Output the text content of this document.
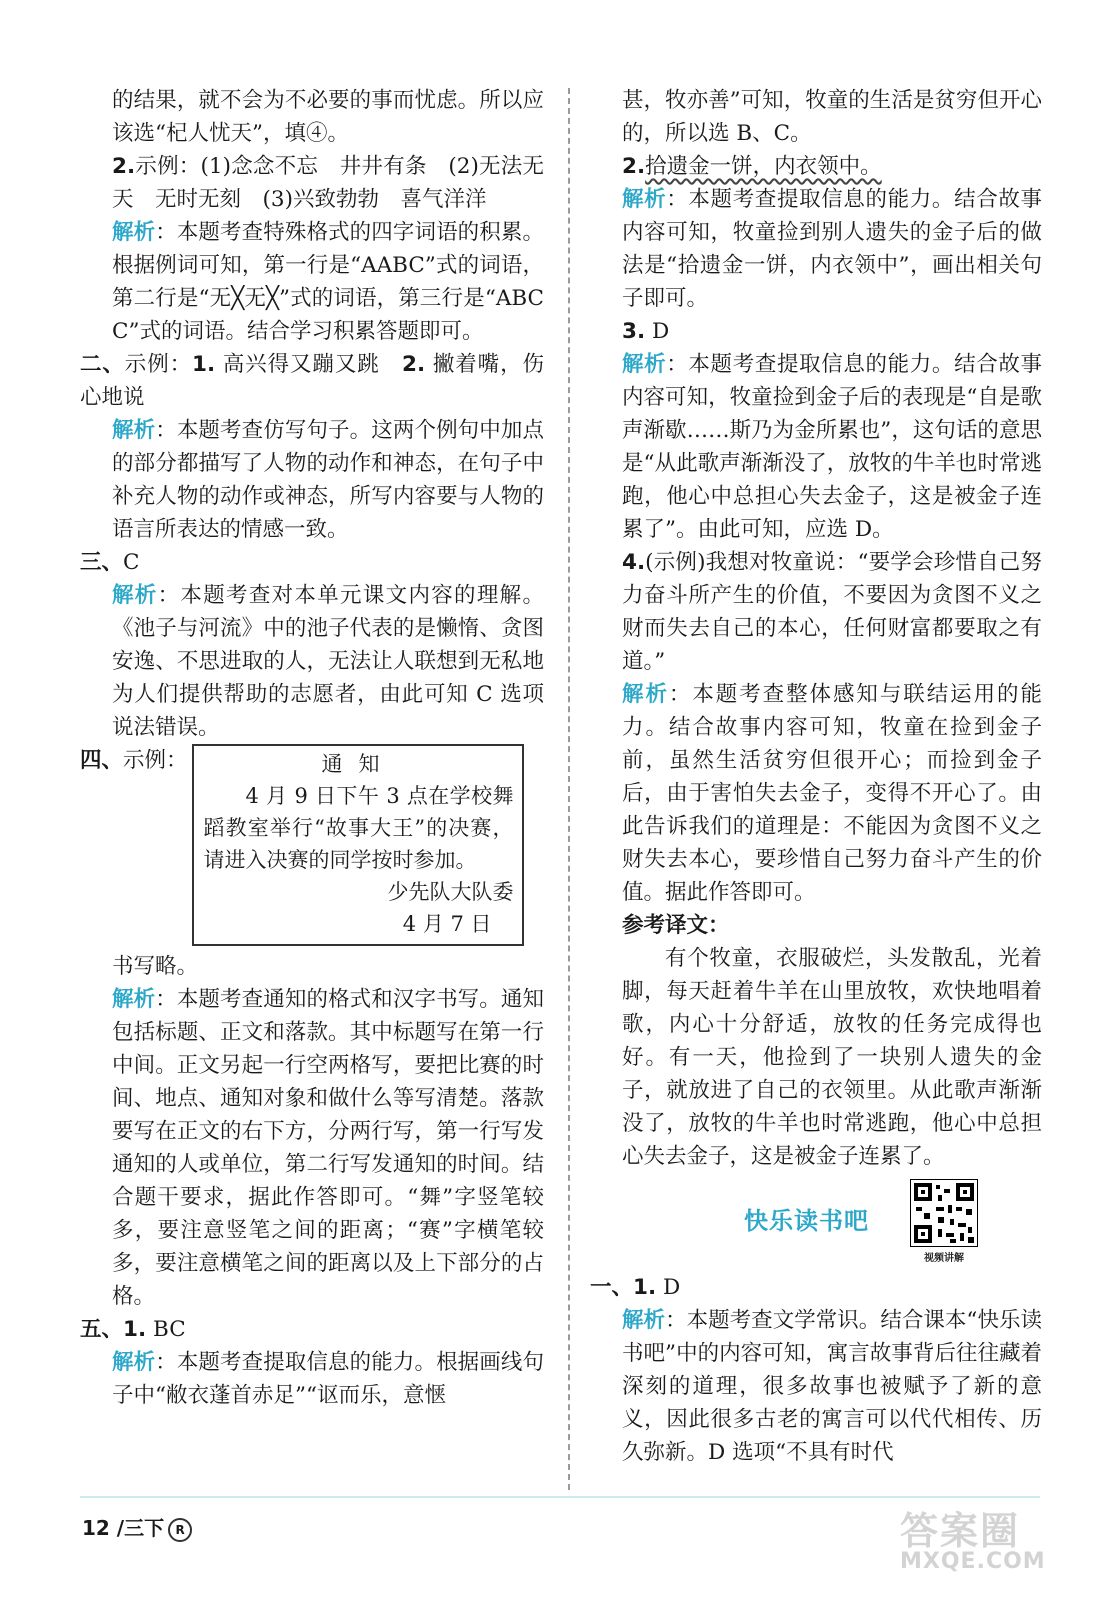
的结果，就不会为不必要的事而忧虑。所以应该选“杞人忧天”，填④。

2.示例：(1)念念不忘　井井有条　(2)无法无天　无时无刻　(3)兴致勃勃　喜气洋洋

解析：本题考查特殊格式的四字词语的积累。根据例词可知，第一行是“AABC”式的词语，第二行是“无╳无╳”式的词语，第三行是“ABCC”式的词语。结合学习积累答题即可。

二、示例：1. 高兴得又蹦又跳　2. 撇着嘴，伤心地说

解析：本题考查仿写句子。这两个例句中加点的部分都描写了人物的动作和神态，在句子中补充人物的动作或神态，所写内容要与人物的语言所表达的情感一致。

三、C

解析：本题考查对本单元课文内容的理解。《池子与河流》中的池子代表的是懒惰、贪图安逸、不思进取的人，无法让人联想到无私地为人们提供帮助的志愿者，由此可知 C 选项说法错误。

四、示例：	通知

4 月 9 日下午 3 点在学校舞蹈教室举行“故事大王”的决赛，请进入决赛的同学按时参加。

少先队大队委

4 月 7 日

书写略。

解析：本题考查通知的格式和汉字书写。通知包括标题、正文和落款。其中标题写在第一行中间。正文另起一行空两格写，要把比赛的时间、地点、通知对象和做什么等写清楚。落款要写在正文的右下方，分两行写，第一行写发通知的人或单位，第二行写发通知的时间。结合题干要求，据此作答即可。“舞”字竖笔较多，要注意竖笔之间的距离；“赛”字横笔较多，要注意横笔之间的距离以及上下部分的占格。

五、1. BC

解析：本题考查提取信息的能力。根据画线句子中“敝衣蓬首赤足”“讴而乐，意惬

甚，牧亦善”可知，牧童的生活是贫穷但开心的，所以选 B、C。

2.拾遗金一饼，内衣领中。

解析：本题考查提取信息的能力。结合故事内容可知，牧童捡到别人遗失的金子后的做法是“拾遗金一饼，内衣领中”，画出相关句子即可。

3. D

解析：本题考查提取信息的能力。结合故事内容可知，牧童捡到金子后的表现是“自是歌声渐歇……斯乃为金所累也”，这句话的意思是“从此歌声渐渐没了，放牧的牛羊也时常逃跑，他心中总担心失去金子，这是被金子连累了”。由此可知，应选 D。

4.(示例)我想对牧童说：“要学会珍惜自己努力奋斗所产生的价值，不要因为贪图不义之财而失去自己的本心，任何财富都要取之有道。”

解析：本题考查整体感知与联结运用的能力。结合故事内容可知，牧童在捡到金子前，虽然生活贫穷但很开心；而捡到金子后，由于害怕失去金子，变得不开心了。由此告诉我们的道理是：不能因为贪图不义之财失去本心，要珍惜自己努力奋斗产生的价值。据此作答即可。

参考译文：

有个牧童，衣服破烂，头发散乱，光着脚，每天赶着牛羊在山里放牧，欢快地唱着歌，内心十分舒适，放牧的任务完成得也好。有一天，他捡到了一块别人遗失的金子，就放进了自己的衣领里。从此歌声渐渐没了，放牧的牛羊也时常逃跑，他心中总担心失去金子，这是被金子连累了。

快乐读书吧
视频讲解

一、1. D

解析：本题考查文学常识。结合课本“快乐读书吧”中的内容可知，寓言故事背后往往藏着深刻的道理，很多故事也被赋予了新的意义，因此很多古老的寓言可以代代相传、历久弥新。D 选项“不具有时代

12 /三下 R	答案圈
MXQE.COM
